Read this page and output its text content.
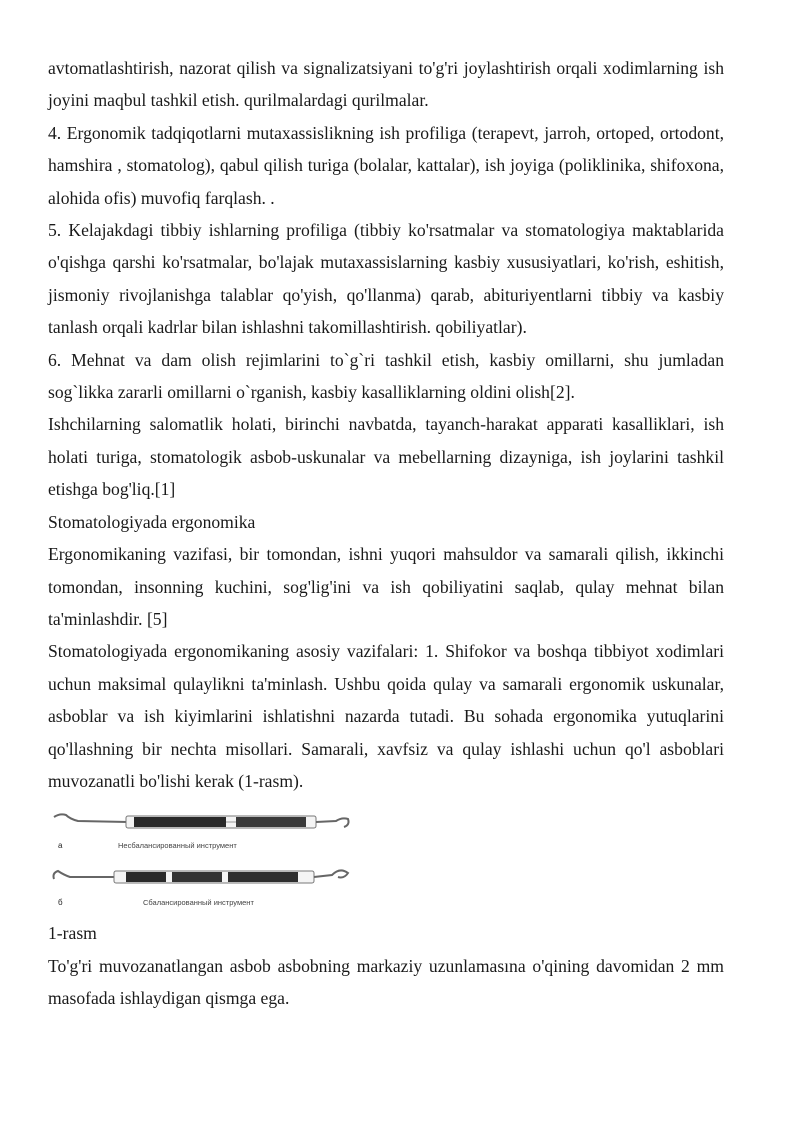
avtomatlashtirish, nazorat qilish va signalizatsiyani to'g'ri joylashtirish orqali xodimlarning ish joyini maqbul tashkil etish. qurilmalardagi qurilmalar.

4. Ergonomik tadqiqotlarni mutaxassislikning ish profiliga (terapevt, jarroh, ortoped, ortodont, hamshira , stomatolog), qabul qilish turiga (bolalar, kattalar), ish joyiga (poliklinika, shifoxona, alohida ofis) muvofiq farqlash. .

5. Kelajakdagi tibbiy ishlarning profiliga (tibbiy ko'rsatmalar va stomatologiya maktablarida o'qishga qarshi ko'rsatmalar, bo'lajak mutaxassislarning kasbiy xususiyatlari, ko'rish, eshitish, jismoniy rivojlanishga talablar qo'yish, qo'llanma) qarab, abituriyentlarni tibbiy va kasbiy tanlash orqali kadrlar bilan ishlashni takomillashtirish. qobiliyatlar).

6. Mehnat va dam olish rejimlarini to`g`ri tashkil etish, kasbiy omillarni, shu jumladan sog`likka zararli omillarni o`rganish, kasbiy kasalliklarning oldini olish[2].

Ishchilarning salomatlik holati, birinchi navbatda, tayanch-harakat apparati kasalliklari, ish holati turiga, stomatologik asbob-uskunalar va mebellarning dizayniga, ish joylarini tashkil etishga bog'liq.[1]

Stomatologiyada ergonomika

Ergonomikaning vazifasi, bir tomondan, ishni yuqori mahsuldor va samarali qilish, ikkinchi tomondan, insonning kuchini, sog'lig'ini va ish qobiliyatini saqlab, qulay mehnat bilan ta'minlashdir. [5]

Stomatologiyada ergonomikaning asosiy vazifalari: 1. Shifokor va boshqa tibbiyot xodimlari uchun maksimal qulaylikni ta'minlash. Ushbu qoida qulay va samarali ergonomik uskunalar, asboblar va ish kiyimlarini ishlatishni nazarda tutadi. Bu sohada ergonomika yutuqlarini qo'llashning bir nechta misollari. Samarali, xavfsiz va qulay ishlashi uchun qo'l asboblari muvozanatli bo'lishi kerak (1-rasm).

а	Несбалансированный инструмент
б	Сбалансированный инструмент

1-rasm

To'g'ri muvozanatlangan asbob asbobning markaziy uzunlamasına o'qining davomidan 2 mm masofada ishlaydigan qismga ega.
